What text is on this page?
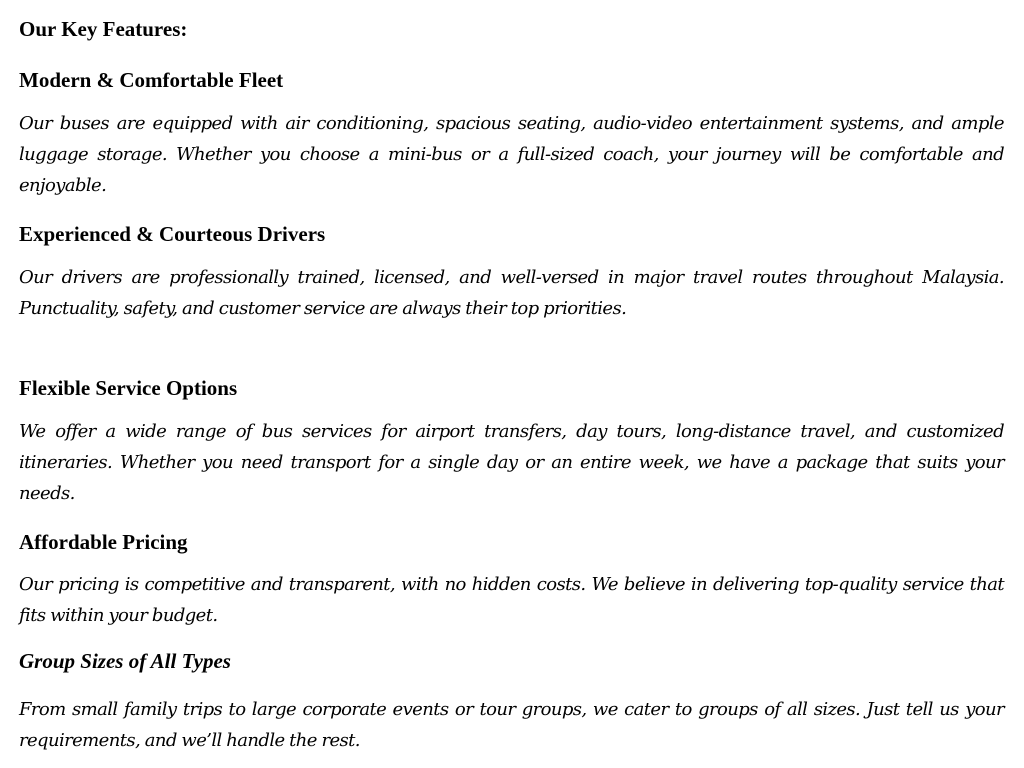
Our Key Features:
Modern & Comfortable Fleet

Our buses are equipped with air conditioning, spacious seating, audio-video entertainment systems, and ample luggage storage. Whether you choose a mini-bus or a full-sized coach, your journey will be comfortable and enjoyable.

Experienced & Courteous Drivers

Our drivers are professionally trained, licensed, and well-versed in major travel routes throughout Malaysia. Punctuality, safety, and customer service are always their top priorities.

Flexible Service Options

We offer a wide range of bus services for airport transfers, day tours, long-distance travel, and customized itineraries. Whether you need transport for a single day or an entire week, we have a package that suits your needs.

Affordable Pricing

Our pricing is competitive and transparent, with no hidden costs. We believe in delivering top-quality service that fits within your budget.

Group Sizes of All Types

From small family trips to large corporate events or tour groups, we cater to groups of all sizes. Just tell us your requirements, and we’ll handle the rest.
